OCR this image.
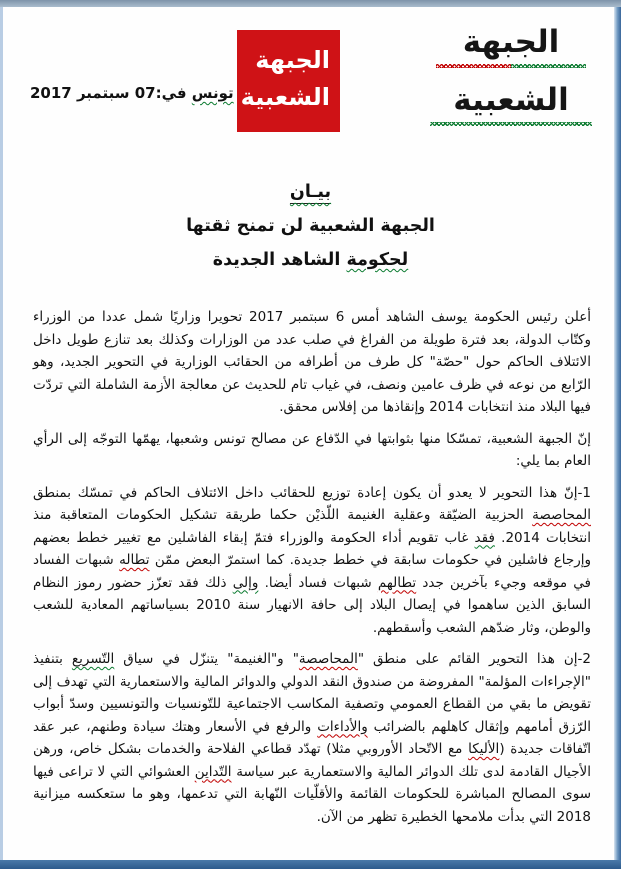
الجبهة
الشعبية
الجبهة
الشعبية
تونس في:07 سبتمبر 2017
بيـان
الجبهة الشعبية لن تمنح ثقتها
لحكومة الشاهد الجديدة

أعلن رئيس الحكومة يوسف الشاهد أمس 6 سبتمبر 2017 تحويرا وزاريًا شمل عددا من الوزراء وكتّاب الدولة، بعد فترة طويلة من الفراغ في صلب عدد من الوزارات وكذلك بعد تنازع طويل داخل الائتلاف الحاكم حول "حصّة" كل طرف من أطرافه من الحقائب الوزارية في التحوير الجديد، وهو الرّابع من نوعه في ظرف عامين ونصف، في غياب تام للحديث عن معالجة الأزمة الشاملة التي تردّت فيها البلاد منذ انتخابات 2014 وإنقاذها من إفلاس محقق.

إنّ الجبهة الشعبية، تمسّكا منها بثوابتها في الدّفاع عن مصالح تونس وشعبها، يهمّها التوجّه إلى الرأي العام بما يلي:

1-إنّ هذا التحوير لا يعدو أن يكون إعادة توزيع للحقائب داخل الائتلاف الحاكم في تمسّك بمنطق المحاصصة الحزبية الضيّقة وعقلية الغنيمة اللّذيْن حكما طريقة تشكيل الحكومات المتعاقبة منذ انتخابات 2014. فقد غاب تقويم أداء الحكومة والوزراء فتمّ إبقاء الفاشلين مع تغيير خطط بعضهم وإرجاع فاشلين في حكومات سابقة في خطط جديدة. كما استمرّ البعض ممّن تطاله شبهات الفساد في موقعه وجيء بآخرين جدد تطالهم شبهات فساد أيضا. وإلى ذلك فقد تعزّز حضور رموز النظام السابق الذين ساهموا في إيصال البلاد إلى حافة الانهيار سنة 2010 بسياساتهم المعادية للشعب والوطن، وثار ضدّهم الشعب وأسقطهم.

2-إن هذا التحوير القائم على منطق "المحاصصة" و"الغنيمة" يتنزّل في سياق التّسريع بتنفيذ "الإجراءات المؤلمة" المفروضة من صندوق النقد الدولي والدوائر المالية والاستعمارية التي تهدف إلى تقويض ما بقي من القطاع العمومي وتصفية المكاسب الاجتماعية للتّونسيات والتونسيين وسدّ أبواب الرّزق أمامهم وإثقال كاهلهم بالضرائب والأداءات والرفع في الأسعار وهتك سيادة وطنهم، عبر عقد اتّفاقات جديدة (الأليكا مع الاتّحاد الأوروبي مثلا) تهدّد قطاعي الفلاحة والخدمات بشكل خاص، ورهن الأجيال القادمة لدى تلك الدوائر المالية والاستعمارية عبر سياسة التّداين العشوائي التي لا تراعى فيها سوى المصالح المباشرة للحكومات القائمة والأقلّيات النّهابة التي تدعمها، وهو ما ستعكسه ميزانية 2018 التي بدأت ملامحها الخطيرة تظهر من الآن.
